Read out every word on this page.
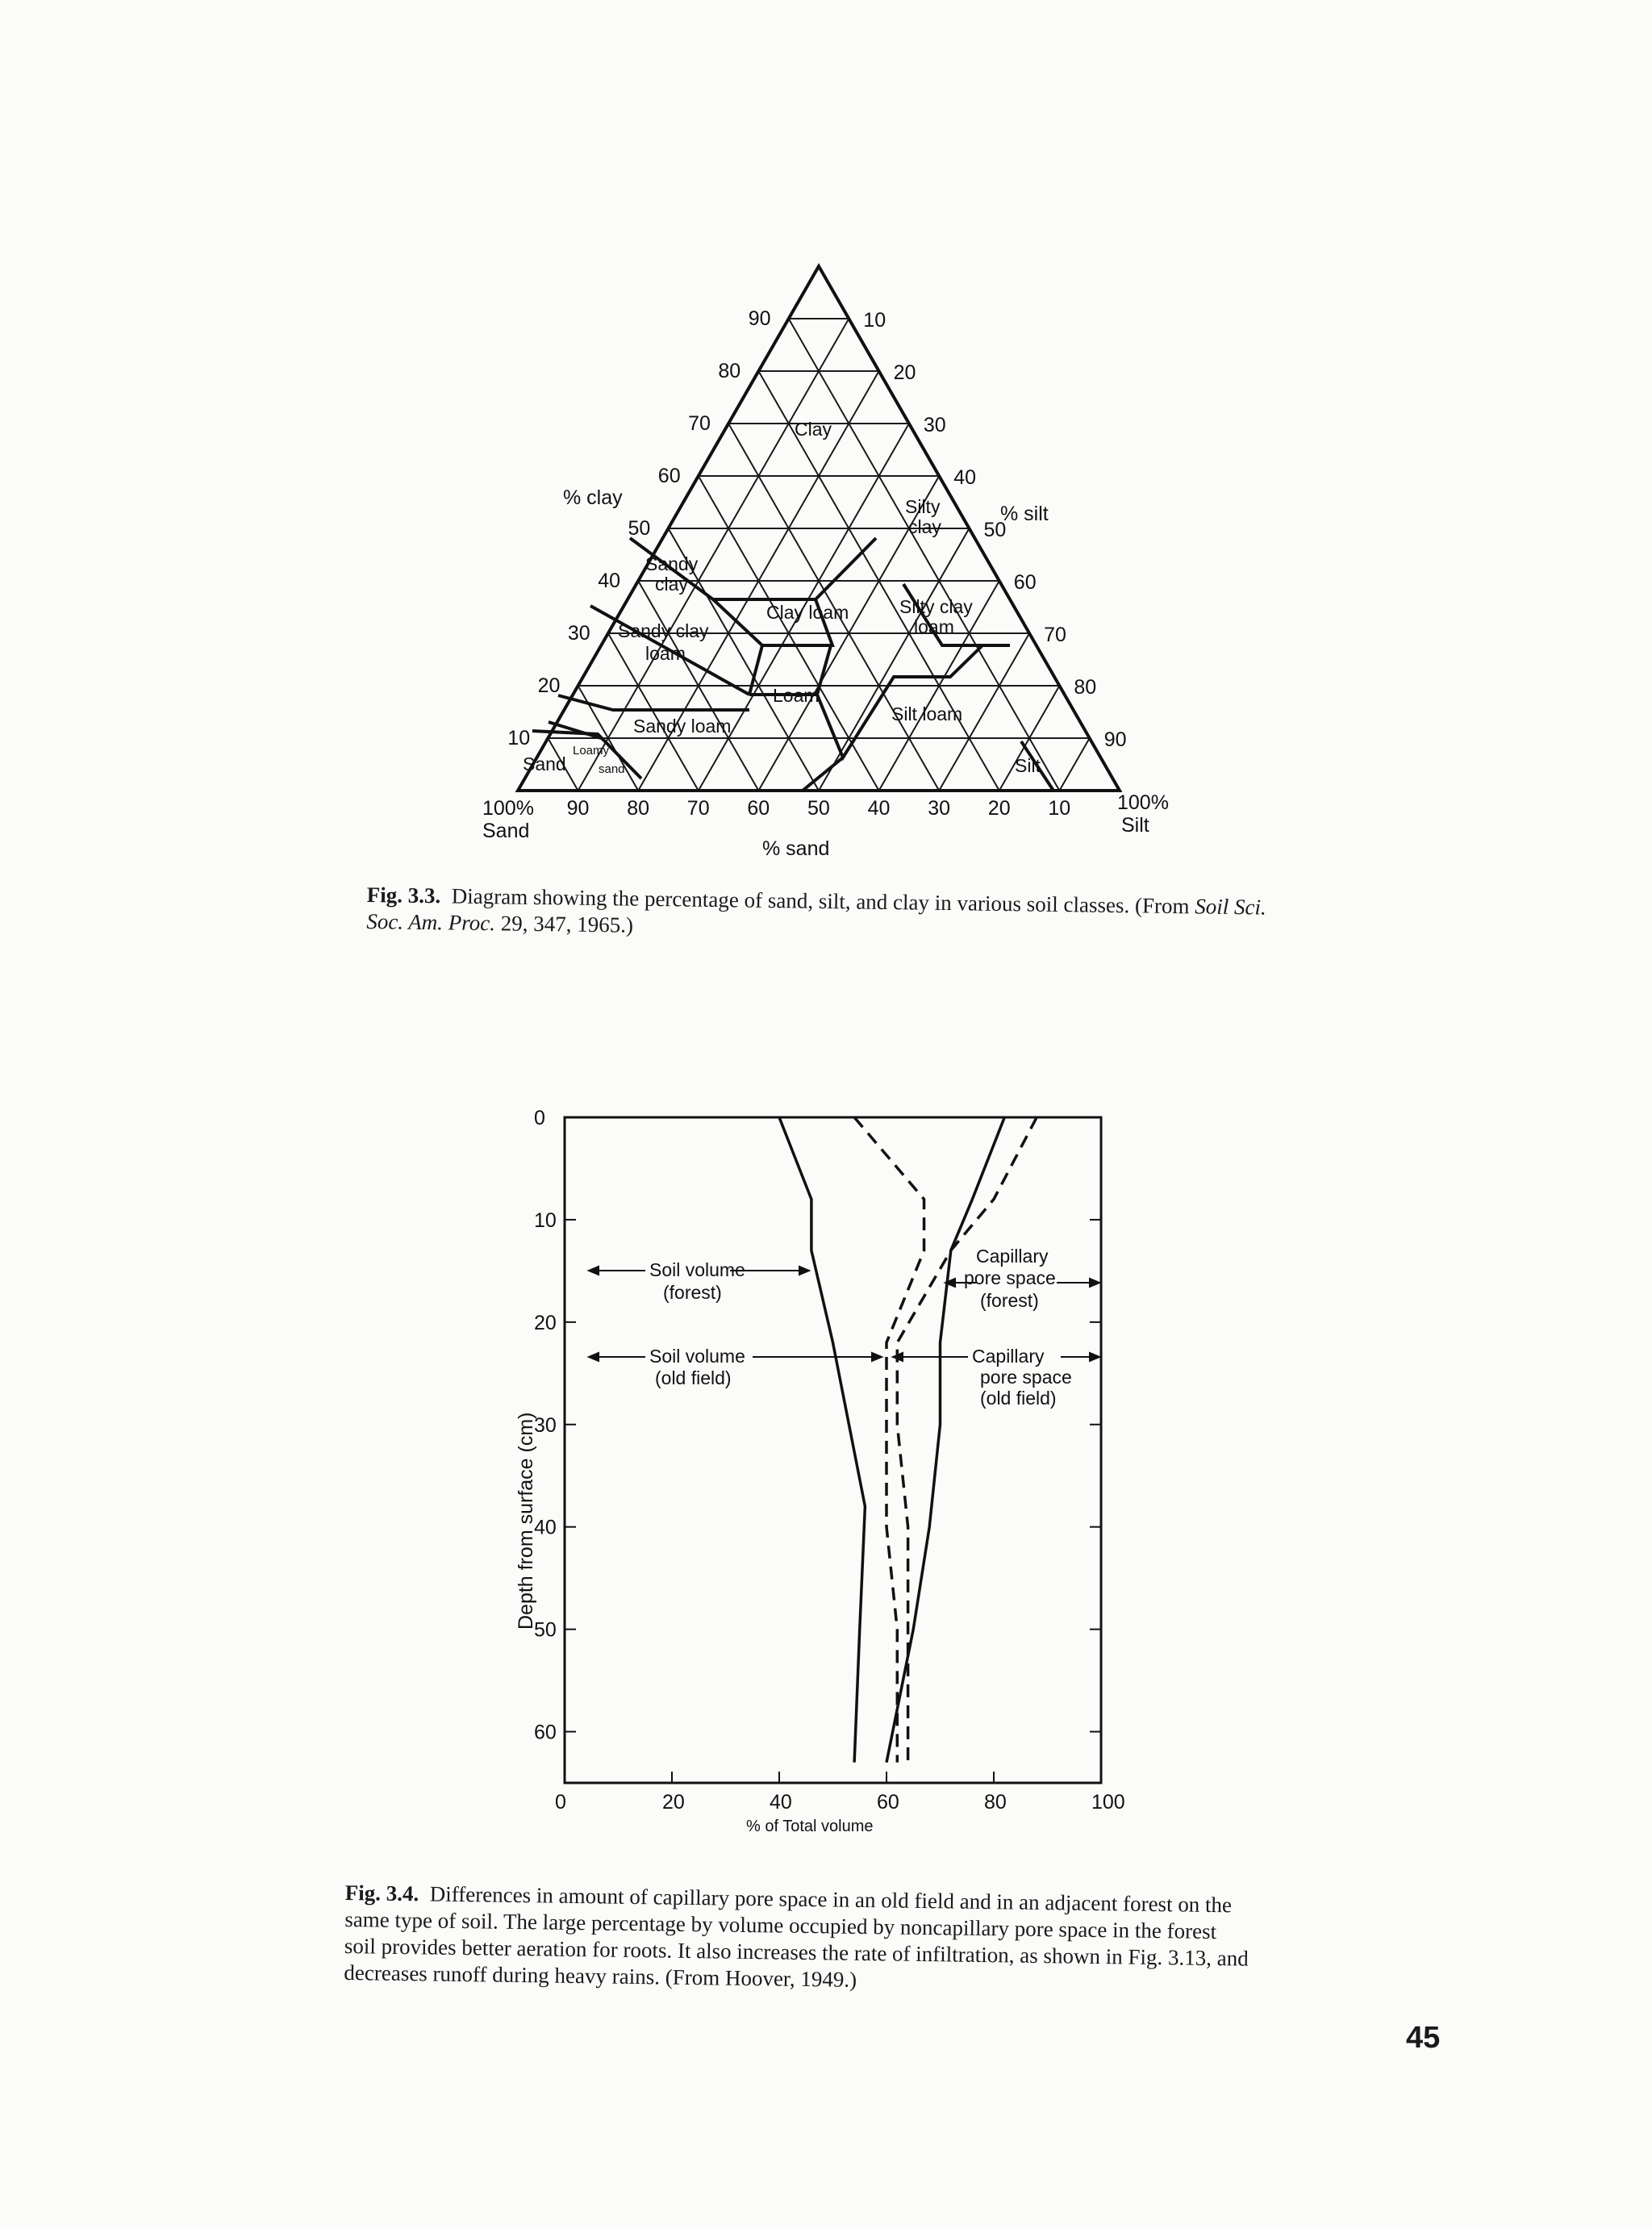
90
80
70
60
50
40
30
20
10
10
20
30
40
50
60
70
80
90
90 80 70 60 50 40 30 20 10
% clay
% silt
% sand
100%
Sand
100%
Silt
Clay
Silty
clay
Sandy
clay
Clay loam	Silty clay
loam
Sandy clay
loam
Loam
Silt loam
Sandy loam
Loamy
sand
Sand	Silt
Fig. 3.3. Diagram showing the percentage of sand, silt, and clay in various soil classes. (From Soil Sci. Soc. Am. Proc. 29, 347, 1965.)
0	20	40	60	80	100
0
10
20
30
40
50
60
Depth from surface (cm)
% of Total volume
Soil volume
(forest)
Soil volume
(old field)
Capillary
pore space
(forest)
Capillary
pore space
(old field)
Fig. 3.4. Differences in amount of capillary pore space in an old field and in an adjacent forest on the same type of soil. The large percentage by volume occupied by noncapillary pore space in the forest soil provides better aeration for roots. It also increases the rate of infiltration, as shown in Fig. 3.13, and decreases runoff during heavy rains. (From Hoover, 1949.)
45
